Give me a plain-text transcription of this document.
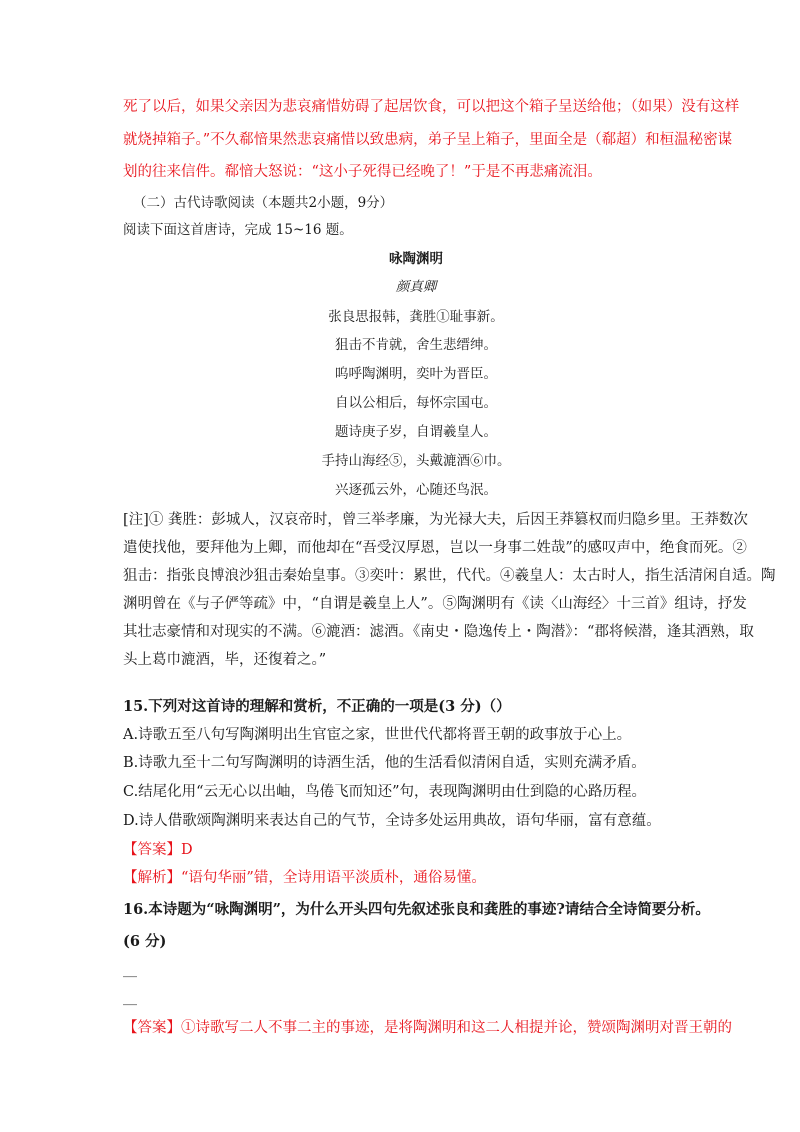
死了以后，如果父亲因为悲哀痛惜妨碍了起居饮食，可以把这个箱子呈送给他；（如果）没有这样
就烧掉箱子。”不久郗愔果然悲哀痛惜以致患病，弟子呈上箱子，里面全是（郗超）和桓温秘密谋
划的往来信件。郗愔大怒说：“这小子死得已经晚了！”于是不再悲痛流泪。
（二）古代诗歌阅读（本题共2小题，9分）
阅读下面这首唐诗，完成 15~16 题。
咏陶渊明
颜真卿
张良思报韩，龚胜①耻事新。
狙击不肯就，舍生悲缙绅。
呜呼陶渊明，奕叶为晋臣。
自以公相后，每怀宗国屯。
题诗庚子岁，自谓羲皇人。
手持山海经⑤，头戴漉酒⑥巾。
兴逐孤云外，心随还鸟泯。
[注]① 龚胜：彭城人，汉哀帝时，曾三举孝廉，为光禄大夫，后因王莽篡权而归隐乡里。王莽数次
遣使找他，要拜他为上卿，而他却在“吾受汉厚恩，岂以一身事二姓哉”的感叹声中，绝食而死。②
狙击：指张良博浪沙狙击秦始皇事。③奕叶：累世，代代。④羲皇人：太古时人，指生活清闲自适。陶
渊明曾在《与子俨等疏》中，“自谓是羲皇上人”。⑤陶渊明有《读〈山海经〉十三首》组诗，抒发
其壮志豪情和对现实的不满。⑥漉酒：滤酒。《南史・隐逸传上・陶潜》：“郡将候潜，逢其酒熟，取
头上葛巾漉酒，毕，还復着之。”
15.下列对这首诗的理解和赏析，不正确的一项是(3 分)（）
A.诗歌五至八句写陶渊明出生官宦之家，世世代代都将晋王朝的政事放于心上。
B.诗歌九至十二句写陶渊明的诗酒生活，他的生活看似清闲自适，实则充满矛盾。
C.结尾化用“云无心以出岫，鸟倦飞而知还”句，表现陶渊明由仕到隐的心路历程。
D.诗人借歌颂陶渊明来表达自己的气节，全诗多处运用典故，语句华丽，富有意蕴。
【答案】D
【解析】“语句华丽”错，全诗用语平淡质朴，通俗易懂。
16.本诗题为“咏陶渊明”，为什么开头四句先叙述张良和龚胜的事迹?请结合全诗简要分析。
(6 分)
__
__
【答案】①诗歌写二人不事二主的事迹，是将陶渊明和这二人相提并论，赞颂陶渊明对晋王朝的
